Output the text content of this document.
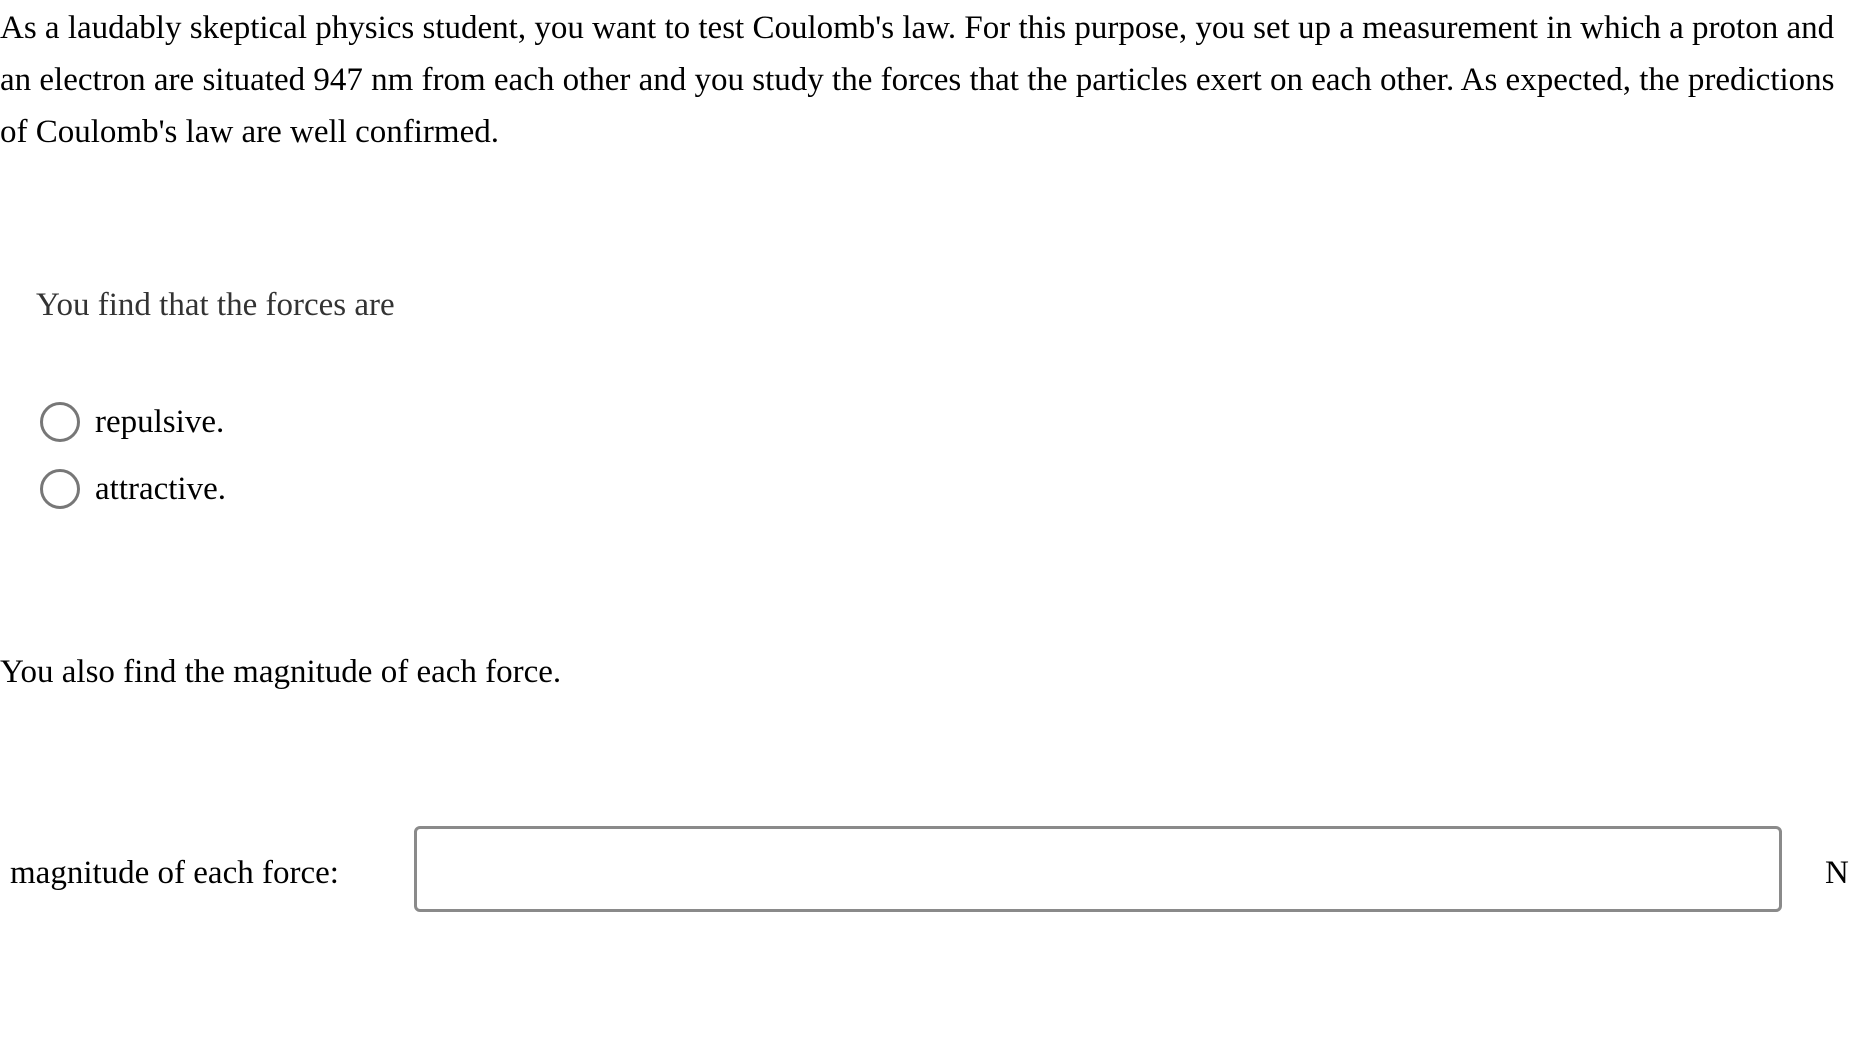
As a laudably skeptical physics student, you want to test Coulomb's law. For this purpose, you set up a measurement in which a proton and an electron are situated 947 nm from each other and you study the forces that the particles exert on each other. As expected, the predictions of Coulomb's law are well confirmed.

You find that the forces are

repulsive.
attractive.

You also find the magnitude of each force.

magnitude of each force:	N
